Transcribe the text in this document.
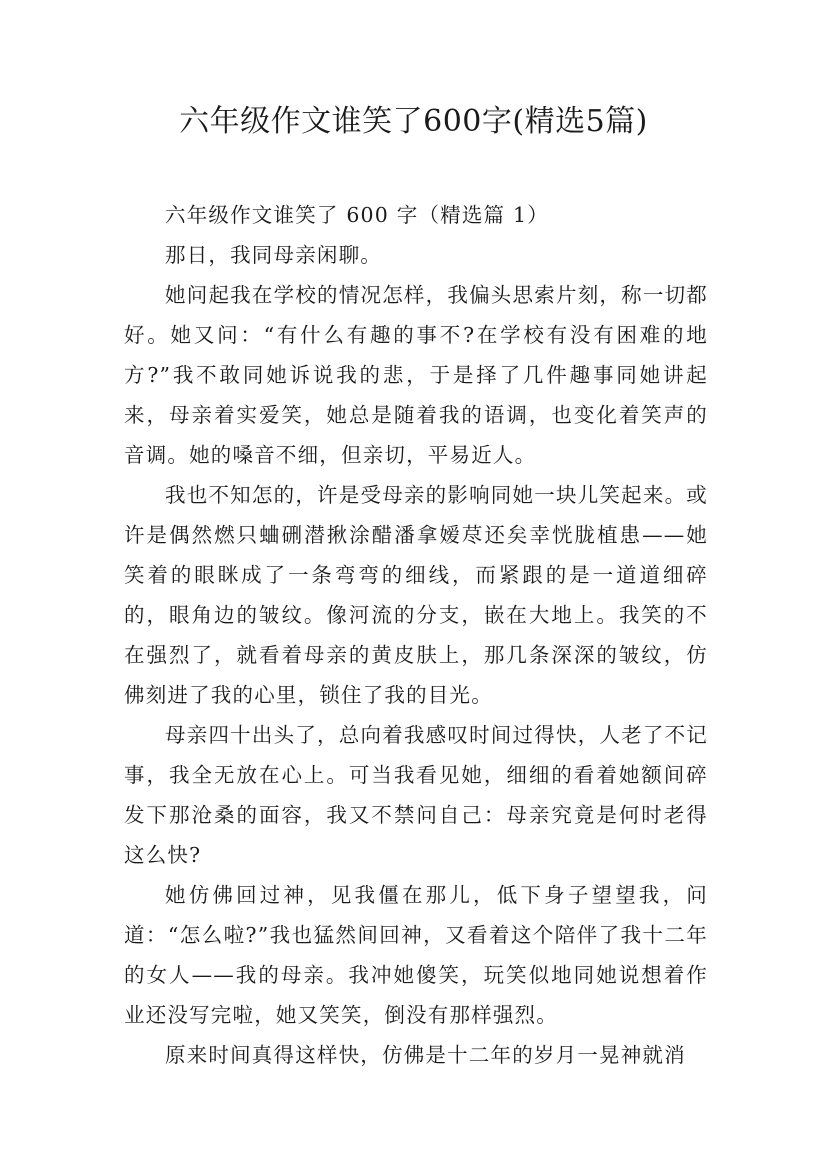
六年级作文谁笑了600字(精选5篇)

六年级作文谁笑了 600 字（精选篇 1）

那日，我同母亲闲聊。

她问起我在学校的情况怎样，我偏头思索片刻，称一切都好。她又问：“有什么有趣的事不?在学校有没有困难的地方?”我不敢同她诉说我的悲，于是择了几件趣事同她讲起来，母亲着实爱笑，她总是随着我的语调，也变化着笑声的音调。她的嗓音不细，但亲切，平易近人。

我也不知怎的，许是受母亲的影响同她一块儿笑起来。或许是偶然燃只蛐硎潜揪涂醋潘拿嫒荩还矣幸恍胧植患——她笑着的眼眯成了一条弯弯的细线，而紧跟的是一道道细碎的，眼角边的皱纹。像河流的分支，嵌在大地上。我笑的不在强烈了，就看着母亲的黄皮肤上，那几条深深的皱纹，仿佛刻进了我的心里，锁住了我的目光。

母亲四十出头了，总向着我感叹时间过得快，人老了不记事，我全无放在心上。可当我看见她，细细的看着她额间碎发下那沧桑的面容，我又不禁问自己：母亲究竟是何时老得这么快?

她仿佛回过神，见我僵在那儿，低下身子望望我，问道：“怎么啦?”我也猛然间回神，又看着这个陪伴了我十二年的女人——我的母亲。我冲她傻笑，玩笑似地同她说想着作业还没写完啦，她又笑笑，倒没有那样强烈。

原来时间真得这样快，仿佛是十二年的岁月一晃神就消
